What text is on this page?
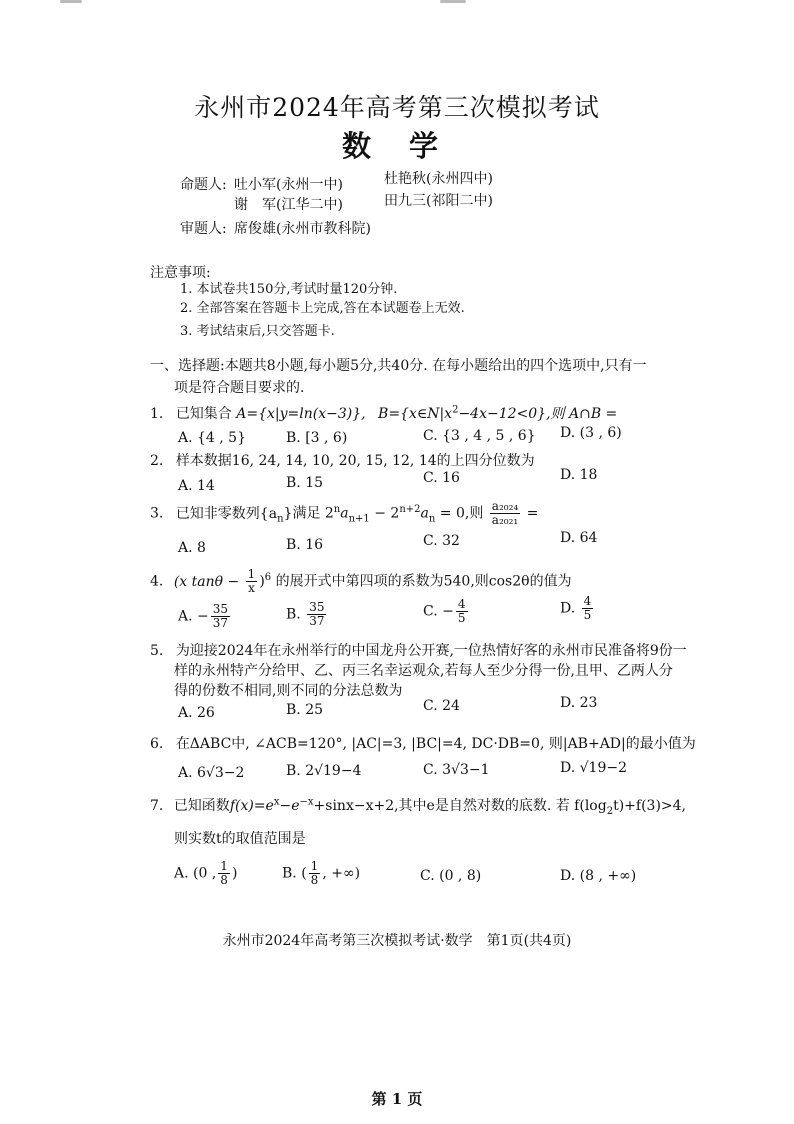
永州市2024年高考第三次模拟考试
数 学
命题人: 吐小军(永州一中)	杜艳秋(永州四中)
谢　军(江华二中)	田九三(祁阳二中)
审题人: 席俊雄(永州市教科院)
注意事项:
1. 本试卷共150分,考试时量120分钟.
2. 全部答案在答题卡上完成,答在本试题卷上无效.
3. 考试结束后,只交答题卡.
一、选择题:本题共8小题,每小题5分,共40分. 在每小题给出的四个选项中,只有一
项是符合题目要求的.
1. 已知集合 A={x|y=ln(x−3)}, $B=\{x\in N|x^2-4x-12<0\}$,则 A∩B =
A. {4 , 5}	B. [3 , 6)	C. {3 , 4 , 5 , 6} D. (3 , 6)
2. 样本数据16, 24, 14, 10, 20, 15, 12, 14的上四分位数为
A. 14	B. 15	C. 16	D. 18
3. 已知非零数列$\{a_n\}$满足 $2^na_{n+1} - 2^{n+2}a_n = 0$,则 $\frac{\text{a₂₀₂₄}}{\text{a₂₀₂₁}}$ =
A. 8	B. 16	C. 32	D. 64
4. (x $\tan\theta - \frac{1}{x} )^6$ 的展开式中第四项的系数为540,则cos2θ的值为
A. − $\frac{35}{37}$	B. $\frac{35}{37}$	C. − $\frac{4}{5}$	D. $\frac{4}{5}$
5. 为迎接2024年在永州举行的中国龙舟公开赛,一位热情好客的永州市民准备将9份一
样的永州特产分给甲、乙、丙三名幸运观众,若每人至少分得一份,且甲、乙两人分
得的份数不相同,则不同的分法总数为
A. 26	B. 25	C. 24	D. 23
6. 在ΔABC中, ∠ACB=120°, |AC|=3, |BC|=4, DC·DB=0, 则|AB+AD|的最小值为
A. 6√3−2	B. 2√19−4	C. 3√3−1	D. √19−2
7. 已知函数$f(x)=e^x-e^{-x}+\sin x-x+2$,其中e是自然对数的底数. 若 $f(\log_2t)+f(3)>4$,
则实数t的取值范围是
A. (0 , $\frac{1}{8}$ )	B. ( $\frac{1}{8}$ , +∞)	C. (0 , 8)	D. (8 , +∞)
永州市2024年高考第三次模拟考试·数学　第1页(共4页)
第 1 页
